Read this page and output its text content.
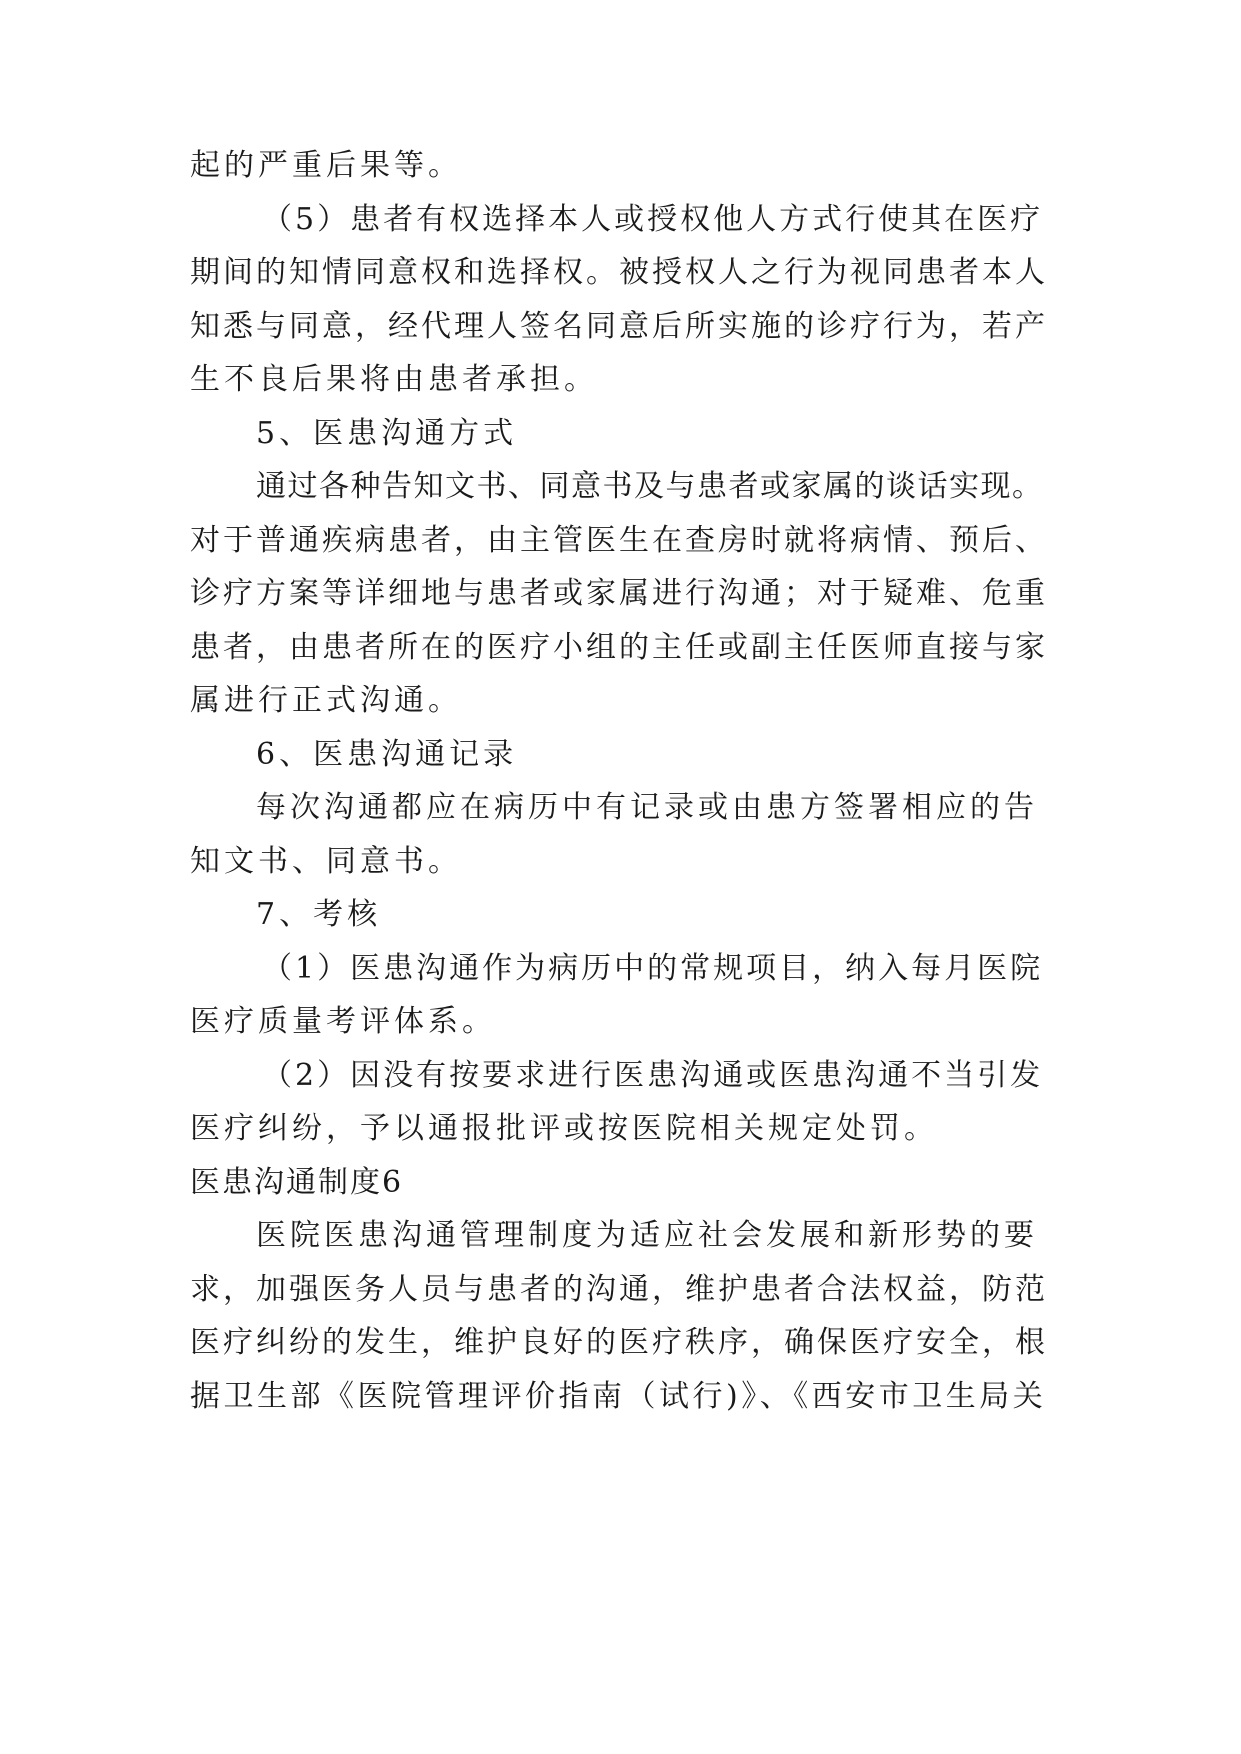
起的严重后果等。
（5）患者有权选择本人或授权他人方式行使其在医疗
期间的知情同意权和选择权。被授权人之行为视同患者本人
知悉与同意，经代理人签名同意后所实施的诊疗行为，若产
生不良后果将由患者承担。
5、医患沟通方式
通过各种告知文书、同意书及与患者或家属的谈话实现。
对于普通疾病患者，由主管医生在查房时就将病情、预后、
诊疗方案等详细地与患者或家属进行沟通；对于疑难、危重
患者，由患者所在的医疗小组的主任或副主任医师直接与家
属进行正式沟通。
6、医患沟通记录
每次沟通都应在病历中有记录或由患方签署相应的告
知文书、同意书。
7、考核
（1）医患沟通作为病历中的常规项目，纳入每月医院
医疗质量考评体系。
（2）因没有按要求进行医患沟通或医患沟通不当引发
医疗纠纷，予以通报批评或按医院相关规定处罚。
医患沟通制度6
医院医患沟通管理制度为适应社会发展和新形势的要
求，加强医务人员与患者的沟通，维护患者合法权益，防范
医疗纠纷的发生，维护良好的医疗秩序，确保医疗安全，根
据卫生部《医院管理评价指南（试行)》、《西安市卫生局关
